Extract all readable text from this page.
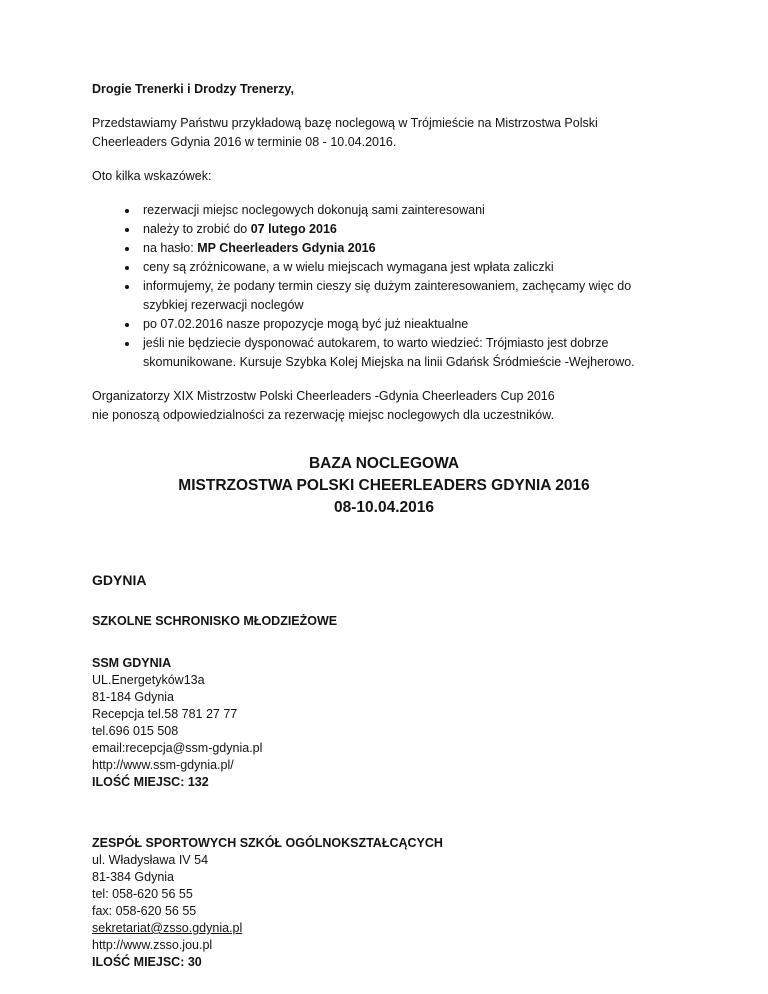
Drogie Trenerki i Drodzy Trenerzy,

Przedstawiamy Państwu przykładową bazę noclegową w Trójmieście na Mistrzostwa Polski
Cheerleaders Gdynia 2016 w terminie 08 - 10.04.2016.

Oto kilka wskazówek:

• rezerwacji miejsc noclegowych dokonują sami zainteresowani
• należy to zrobić do 07 lutego 2016
• na hasło: MP Cheerleaders Gdynia 2016
• ceny są zróżnicowane, a w wielu miejscach wymagana jest wpłata zaliczki
• informujemy, że podany termin cieszy się dużym zainteresowaniem, zachęcamy więc do szybkiej rezerwacji noclegów
• po 07.02.2016 nasze propozycje mogą być już nieaktualne
• jeśli nie będziecie dysponować autokarem, to warto wiedzieć: Trójmiasto jest dobrze skomunikowane. Kursuje Szybka Kolej Miejska na linii Gdańsk Śródmieście -Wejherowo.

Organizatorzy XIX Mistrzostw Polski Cheerleaders -Gdynia Cheerleaders Cup 2016
nie ponoszą odpowiedzialności za rezerwację miejsc noclegowych dla uczestników.

BAZA NOCLEGOWA
MISTRZOSTWA POLSKI CHEERLEADERS GDYNIA 2016
08-10.04.2016
GDYNIA
SZKOLNE SCHRONISKO MŁODZIEŻOWE
SSM GDYNIA
UL.Energetyków13a
81-184 Gdynia
Recepcja tel.58 781 27 77
tel.696 015 508
email:recepcja@ssm-gdynia.pl
http://www.ssm-gdynia.pl/
ILOŚĆ MIEJSC: 132
ZESPÓŁ SPORTOWYCH SZKÓŁ OGÓLNOKSZTAŁCĄCYCH
ul. Władysława IV 54
81-384 Gdynia
tel: 058-620 56 55
fax: 058-620 56 55
sekretariat@zsso.gdynia.pl
http://www.zsso.jou.pl
ILOŚĆ MIEJSC: 30
